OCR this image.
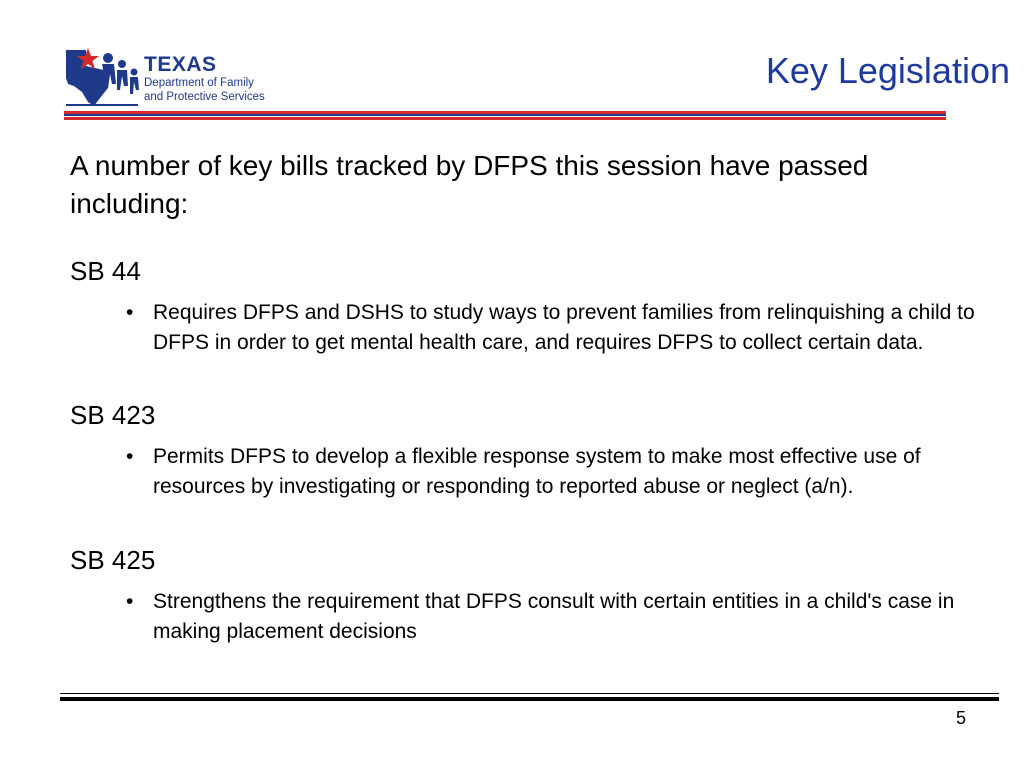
TEXAS
Department of Family
and Protective Services
Key Legislation
A number of key bills tracked by DFPS this session have passed including:
SB 44
• Requires DFPS and DSHS to study ways to prevent families from relinquishing a child to DFPS in order to get mental health care, and requires DFPS to collect certain data.
SB 423
• Permits DFPS to develop a flexible response system to make most effective use of resources by investigating or responding to reported abuse or neglect (a/n).
SB 425
• Strengthens the requirement that DFPS consult with certain entities in a child's case in making placement decisions
5
